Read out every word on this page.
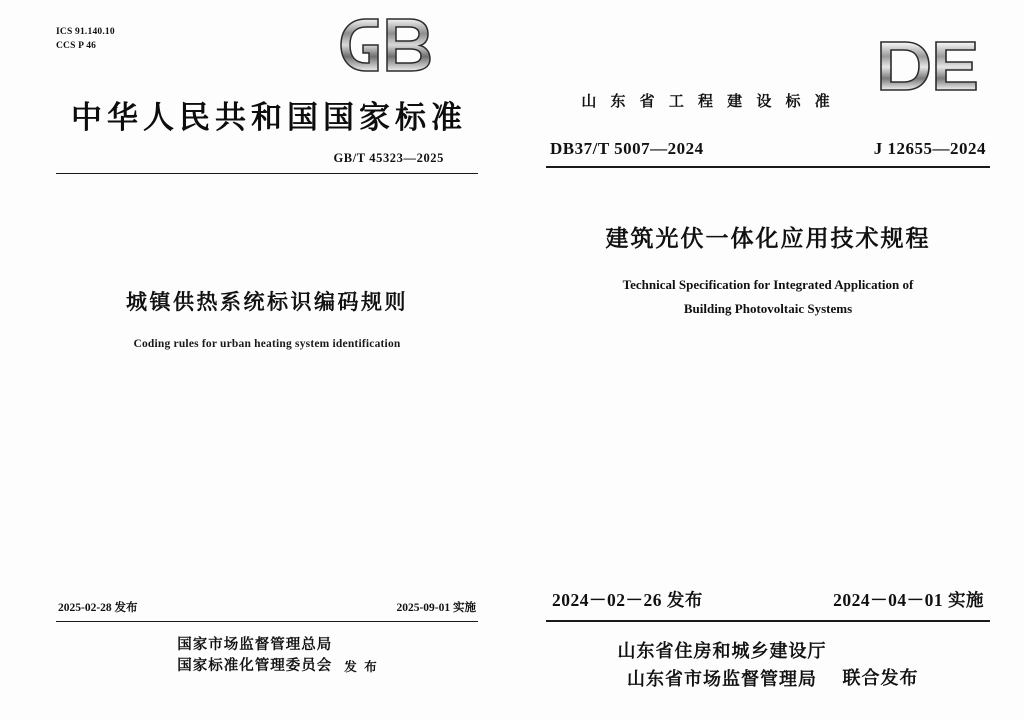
ICS 91.140.10
CCS P 46
中华人民共和国国家标准
GB/T 45323—2025
城镇供热系统标识编码规则
Coding rules for urban heating system identification
2025-02-28 发布	2025-09-01 实施
国家市场监督管理总局
国家标准化管理委员会 发 布
山 东 省 工 程 建 设 标 准
DB37/T 5007—2024	J 12655—2024
建筑光伏一体化应用技术规程
Technical Specification for Integrated Application of
Building Photovoltaic Systems
2024－02－26 发布	2024－04－01 实施
山东省住房和城乡建设厅
山东省市场监督管理局	联合发布
